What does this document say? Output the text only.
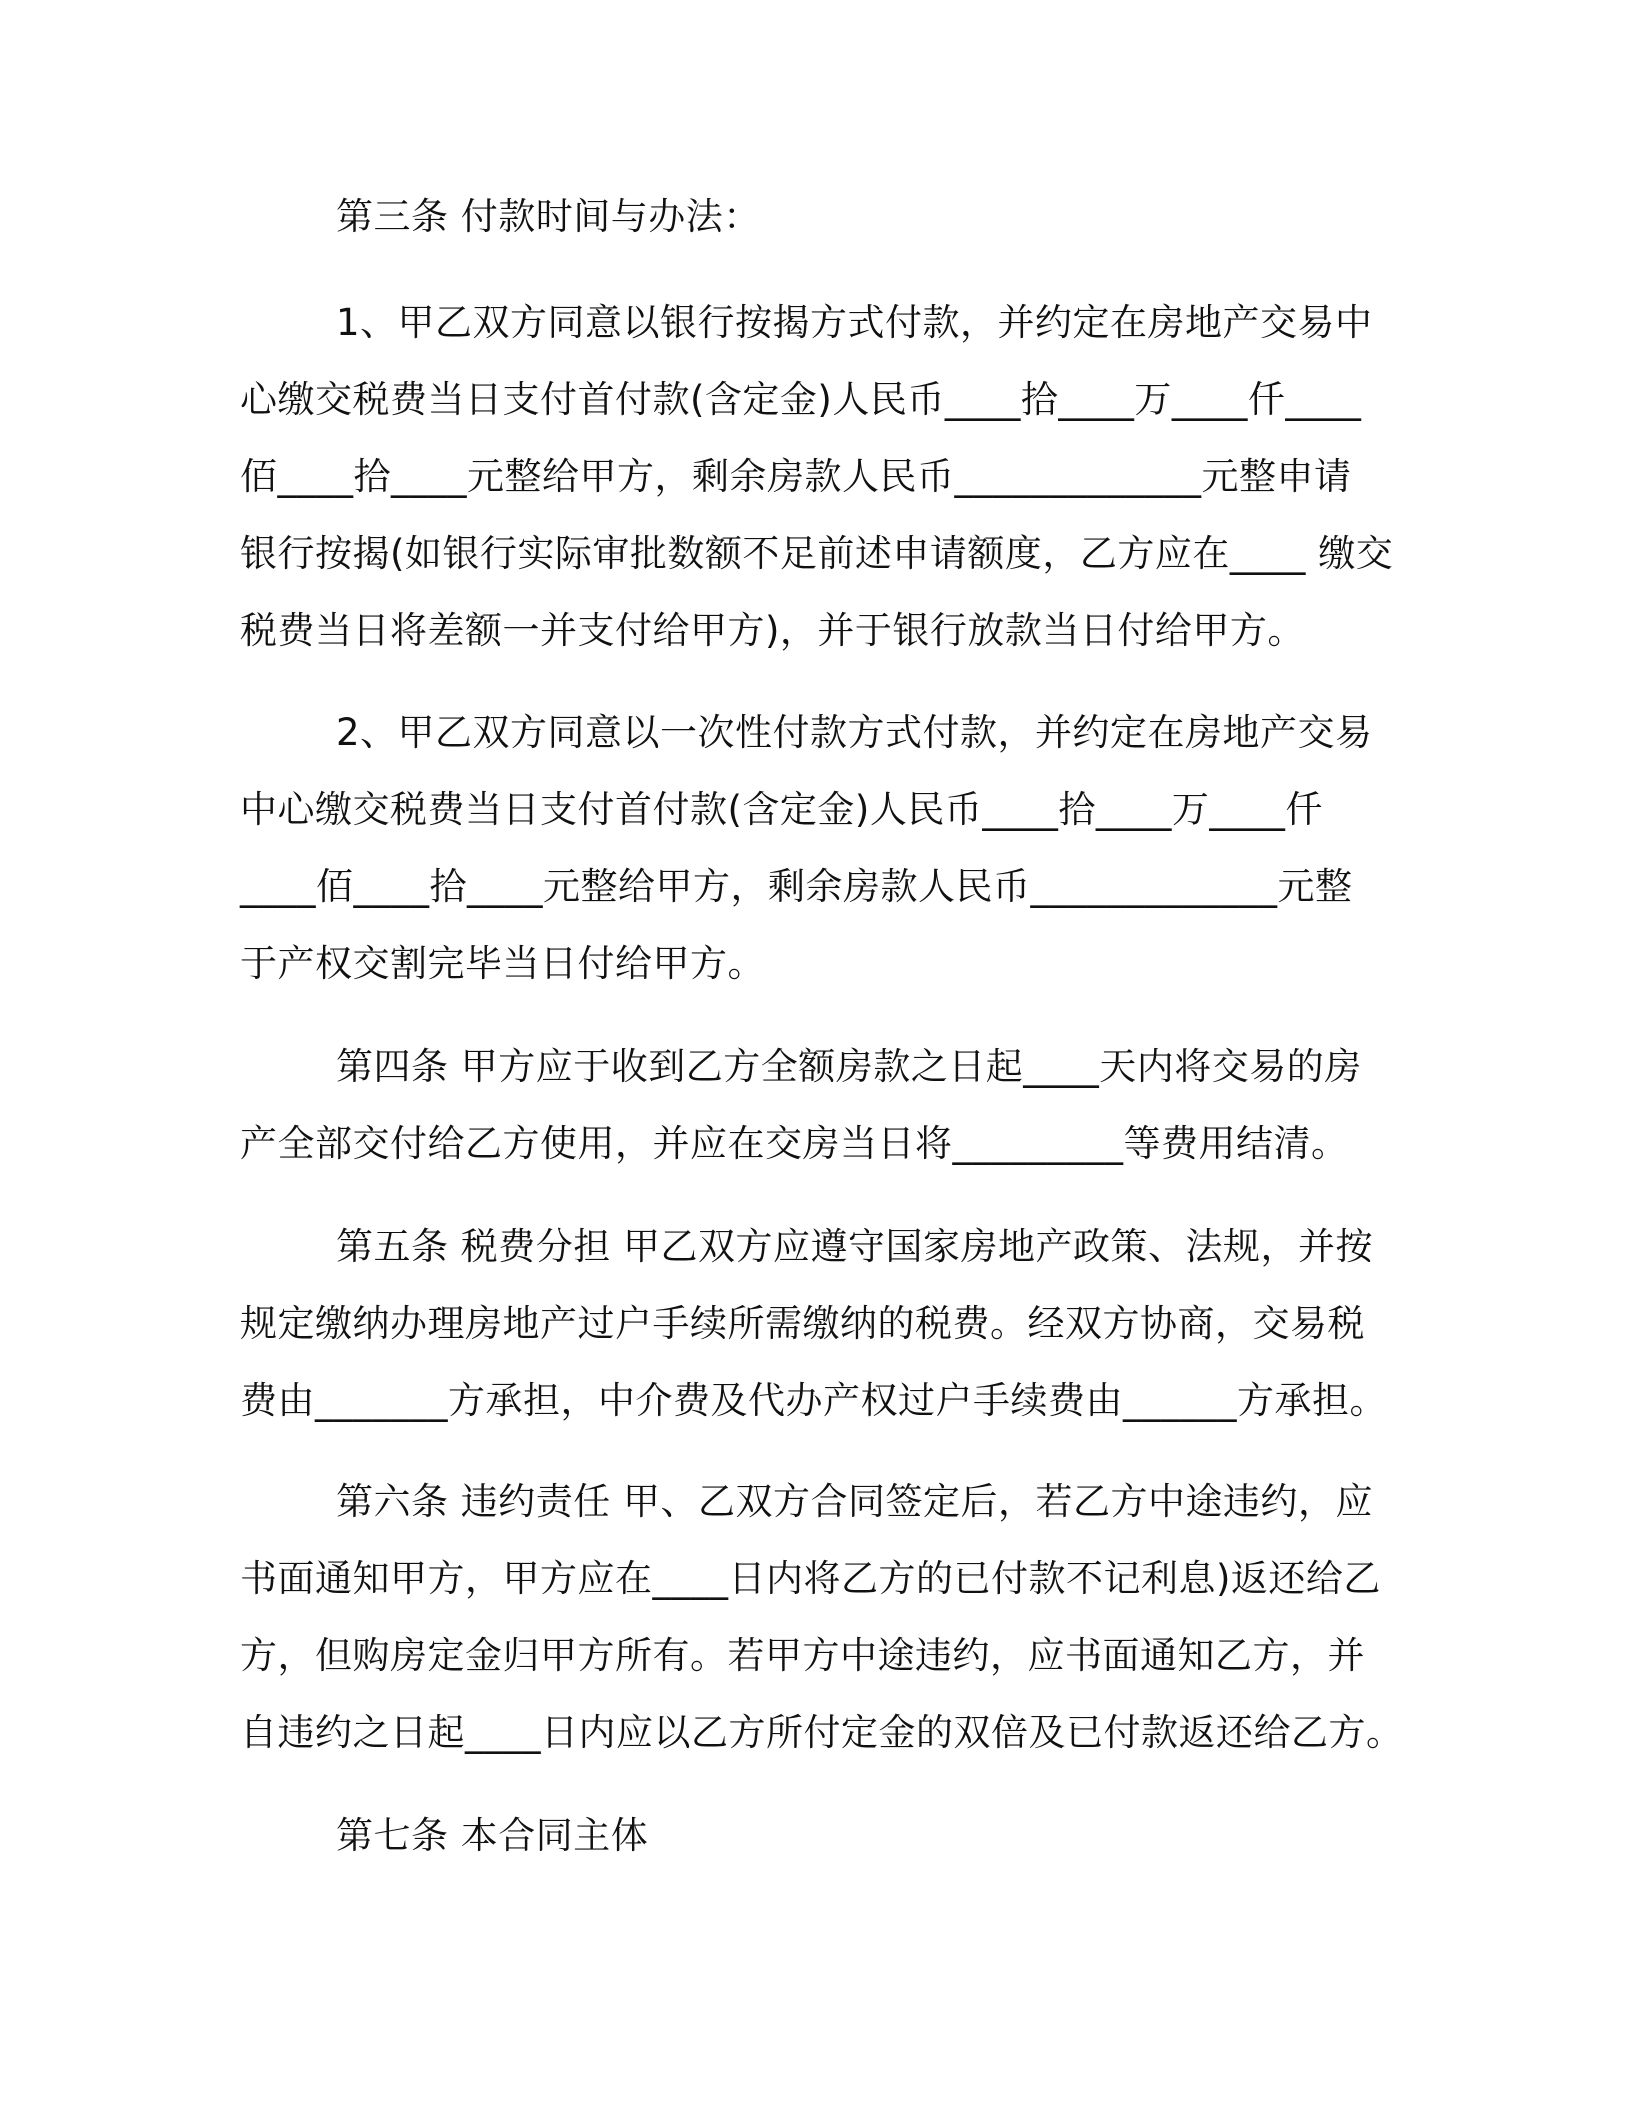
第三条 付款时间与办法：
1、甲乙双方同意以银行按揭方式付款，并约定在房地产交易中
心缴交税费当日支付首付款(含定金)人民币____拾____万____仟____
佰____拾____元整给甲方，剩余房款人民币_____________元整申请
银行按揭(如银行实际审批数额不足前述申请额度，乙方应在____ 缴交
税费当日将差额一并支付给甲方)，并于银行放款当日付给甲方。
2、甲乙双方同意以一次性付款方式付款，并约定在房地产交易
中心缴交税费当日支付首付款(含定金)人民币____拾____万____仟
____佰____拾____元整给甲方，剩余房款人民币_____________元整
于产权交割完毕当日付给甲方。
第四条 甲方应于收到乙方全额房款之日起____天内将交易的房
产全部交付给乙方使用，并应在交房当日将_________等费用结清。
第五条 税费分担 甲乙双方应遵守国家房地产政策、法规，并按
规定缴纳办理房地产过户手续所需缴纳的税费。经双方协商，交易税
费由_______方承担，中介费及代办产权过户手续费由______方承担。
第六条 违约责任 甲、乙双方合同签定后，若乙方中途违约，应
书面通知甲方，甲方应在____日内将乙方的已付款不记利息)返还给乙
方，但购房定金归甲方所有。若甲方中途违约，应书面通知乙方，并
自违约之日起____日内应以乙方所付定金的双倍及已付款返还给乙方。
第七条 本合同主体
